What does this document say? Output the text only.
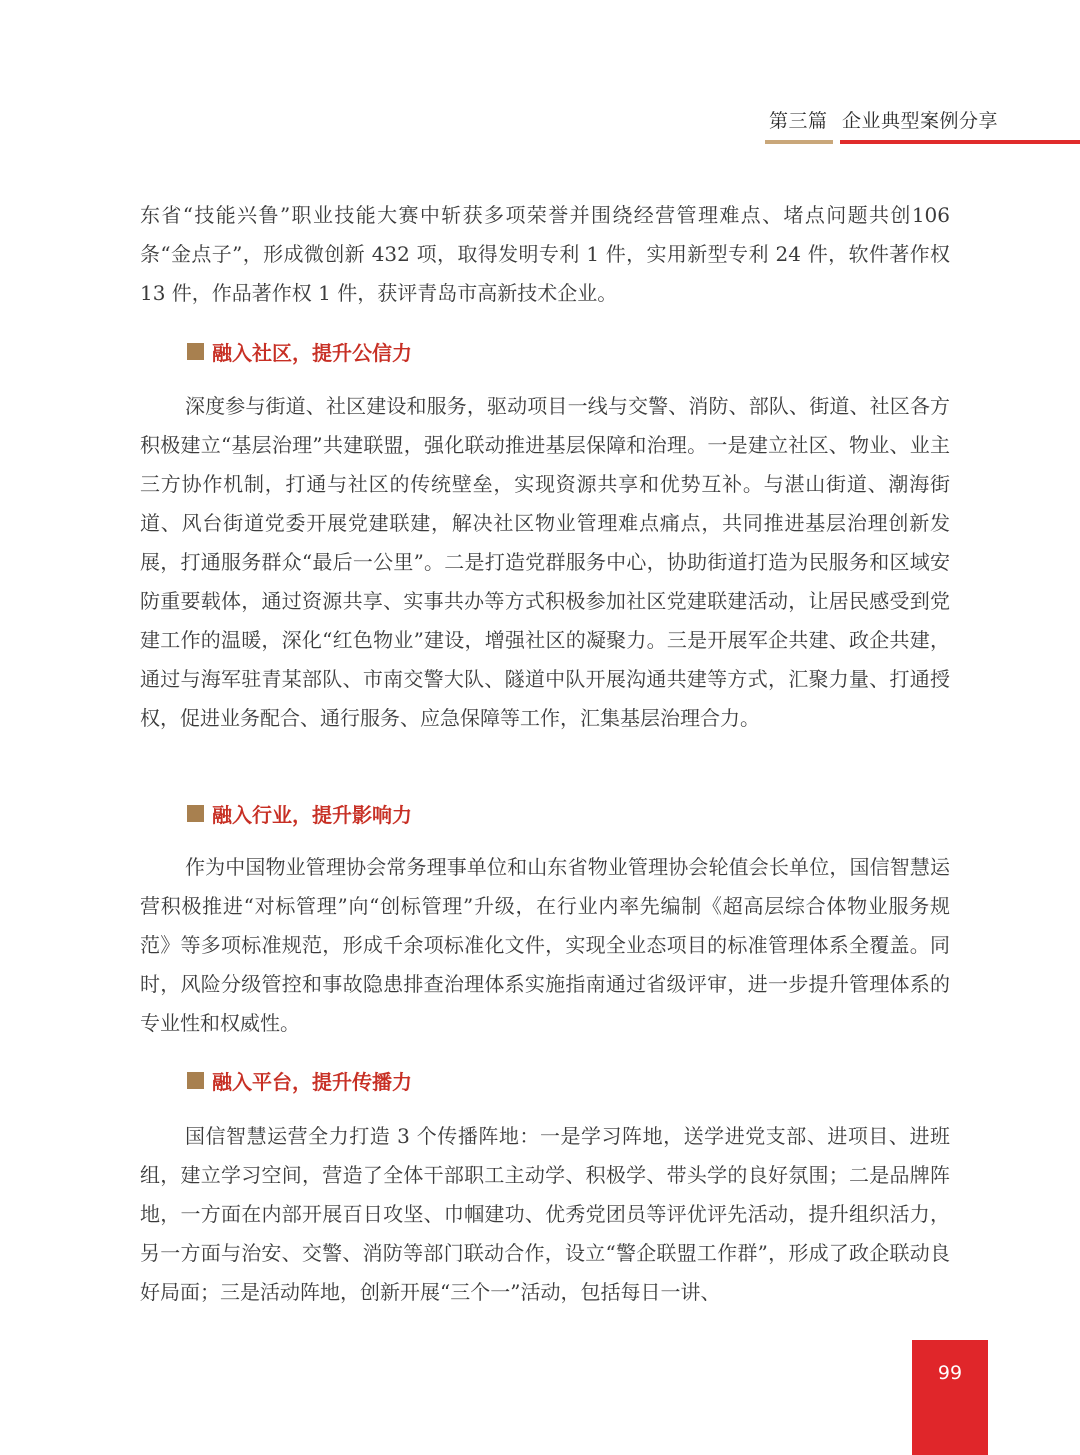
第三篇 企业典型案例分享

东省“技能兴鲁”职业技能大赛中斩获多项荣誉并围绕经营管理难点、堵点问题共创106 条“金点子”，形成微创新 432 项，取得发明专利 1 件，实用新型专利 24 件，软件著作权 13 件，作品著作权 1 件，获评青岛市高新技术企业。

融入社区，提升公信力

深度参与街道、社区建设和服务，驱动项目一线与交警、消防、部队、街道、社区各方积极建立“基层治理”共建联盟，强化联动推进基层保障和治理。一是建立社区、物业、业主三方协作机制，打通与社区的传统壁垒，实现资源共享和优势互补。与湛山街道、潮海街道、风台街道党委开展党建联建，解决社区物业管理难点痛点，共同推进基层治理创新发展，打通服务群众“最后一公里”。二是打造党群服务中心，协助街道打造为民服务和区域安防重要载体，通过资源共享、实事共办等方式积极参加社区党建联建活动，让居民感受到党建工作的温暖，深化“红色物业”建设，增强社区的凝聚力。三是开展军企共建、政企共建，通过与海军驻青某部队、市南交警大队、隧道中队开展沟通共建等方式，汇聚力量、打通授权，促进业务配合、通行服务、应急保障等工作，汇集基层治理合力。

融入行业，提升影响力

作为中国物业管理协会常务理事单位和山东省物业管理协会轮值会长单位，国信智慧运营积极推进“对标管理”向“创标管理”升级，在行业内率先编制《超高层综合体物业服务规范》等多项标准规范，形成千余项标准化文件，实现全业态项目的标准管理体系全覆盖。同时，风险分级管控和事故隐患排查治理体系实施指南通过省级评审，进一步提升管理体系的专业性和权威性。

融入平台，提升传播力

国信智慧运营全力打造 3 个传播阵地：一是学习阵地，送学进党支部、进项目、进班组，建立学习空间，营造了全体干部职工主动学、积极学、带头学的良好氛围；二是品牌阵地，一方面在内部开展百日攻坚、巾帼建功、优秀党团员等评优评先活动，提升组织活力，另一方面与治安、交警、消防等部门联动合作，设立“警企联盟工作群”，形成了政企联动良好局面；三是活动阵地，创新开展“三个一”活动，包括每日一讲、

99
